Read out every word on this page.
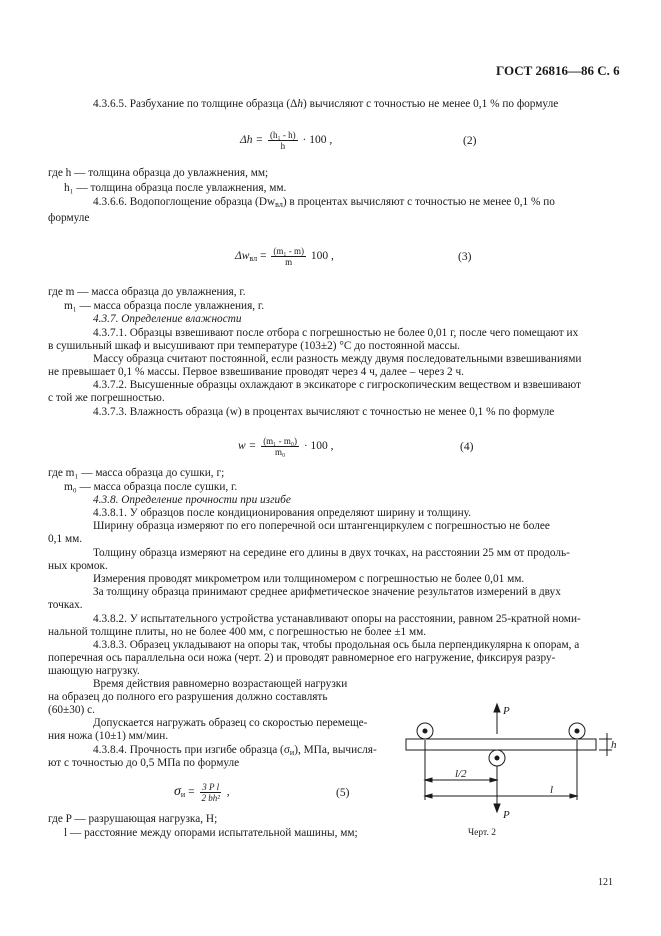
ГОСТ 26816—86 С. 6
4.3.6.5. Разбухание по толщине образца (Δh) вычисляют с точностью не менее 0,1 % по формуле
$\Delta h = \frac{\text{(h₁ - h)}}{h} \cdot 100$ ,	(2)
где h — толщина образца до увлажнения, мм;
h₁ — толщина образца после увлажнения, мм.
4.3.6.6. Водопоглощение образца $(Dw_{вл})$ в процентах вычисляют с точностью не менее 0,1 % по
формуле
$\Delta w_{вл} = \frac{\text{(m₁ - m)}}{m} 100$ ,	(3)
где m — масса образца до увлажнения, г.
m₁ — масса образца после увлажнения, г.
4.3.7. Определение влажности
4.3.7.1. Образцы взвешивают после отбора с погрешностью не более 0,01 г, после чего помещают их
в сушильный шкаф и высушивают при температуре (103±2) °С до постоянной массы.
Массу образца считают постоянной, если разность между двумя последовательными взвешиваниями
не превышает 0,1 % массы. Первое взвешивание проводят через 4 ч, далее – через 2 ч.
4.3.7.2. Высушенные образцы охлаждают в эксикаторе с гигроскопическим веществом и взвешивают
с той же погрешностью.
4.3.7.3. Влажность образца (w) в процентах вычисляют с точностью не менее 0,1 % по формуле
$w = \frac{\text{(m₁ - m₀)}}{\text{m₀}} \cdot 100$ ,	(4)
где m₁ — масса образца до сушки, г;
m₀ — масса образца после сушки, г.
4.3.8. Определение прочности при изгибе
4.3.8.1. У образцов после кондиционирования определяют ширину и толщину.
Ширину образца измеряют по его поперечной оси штангенциркулем с погрешностью не более
0,1 мм.
Толщину образца измеряют на середине его длины в двух точках, на расстоянии 25 мм от продоль-
ных кромок.
Измерения проводят микрометром или толщиномером с погрешностью не более 0,01 мм.
За толщину образца принимают среднее арифметическое значение результатов измерений в двух
точках.
4.3.8.2. У испытательного устройства устанавливают опоры на расстоянии, равном 25-кратной номи-
нальной толщине плиты, но не более 400 мм, с погрешностью не более ±1 мм.
4.3.8.3. Образец укладывают на опоры так, чтобы продольная ось была перпендикулярна к опорам, а
поперечная ось параллельна оси ножа (черт. 2) и проводят равномерное его нагружение, фиксируя разру-
шающую нагрузку.
Время действия равномерно возрастающей нагрузки
на образец до полного его разрушения должно составлять
(60±30) с.
Допускается нагружать образец со скоростью перемеще-
ния ножа (10±1) мм/мин.
4.3.8.4. Прочность при изгибе образца $(\sigma_и)$, МПа, вычисля-
ют с точностью до 0,5 МПа по формуле
$\sigma_и = \frac{\text{3 P l}}{\text{2 bh²}}$ ,	(5)
где P — разрушающая нагрузка, Н;
l — расстояние между опорами испытательной машины, мм;
P
P
l/2
l
h
Черт. 2
121
